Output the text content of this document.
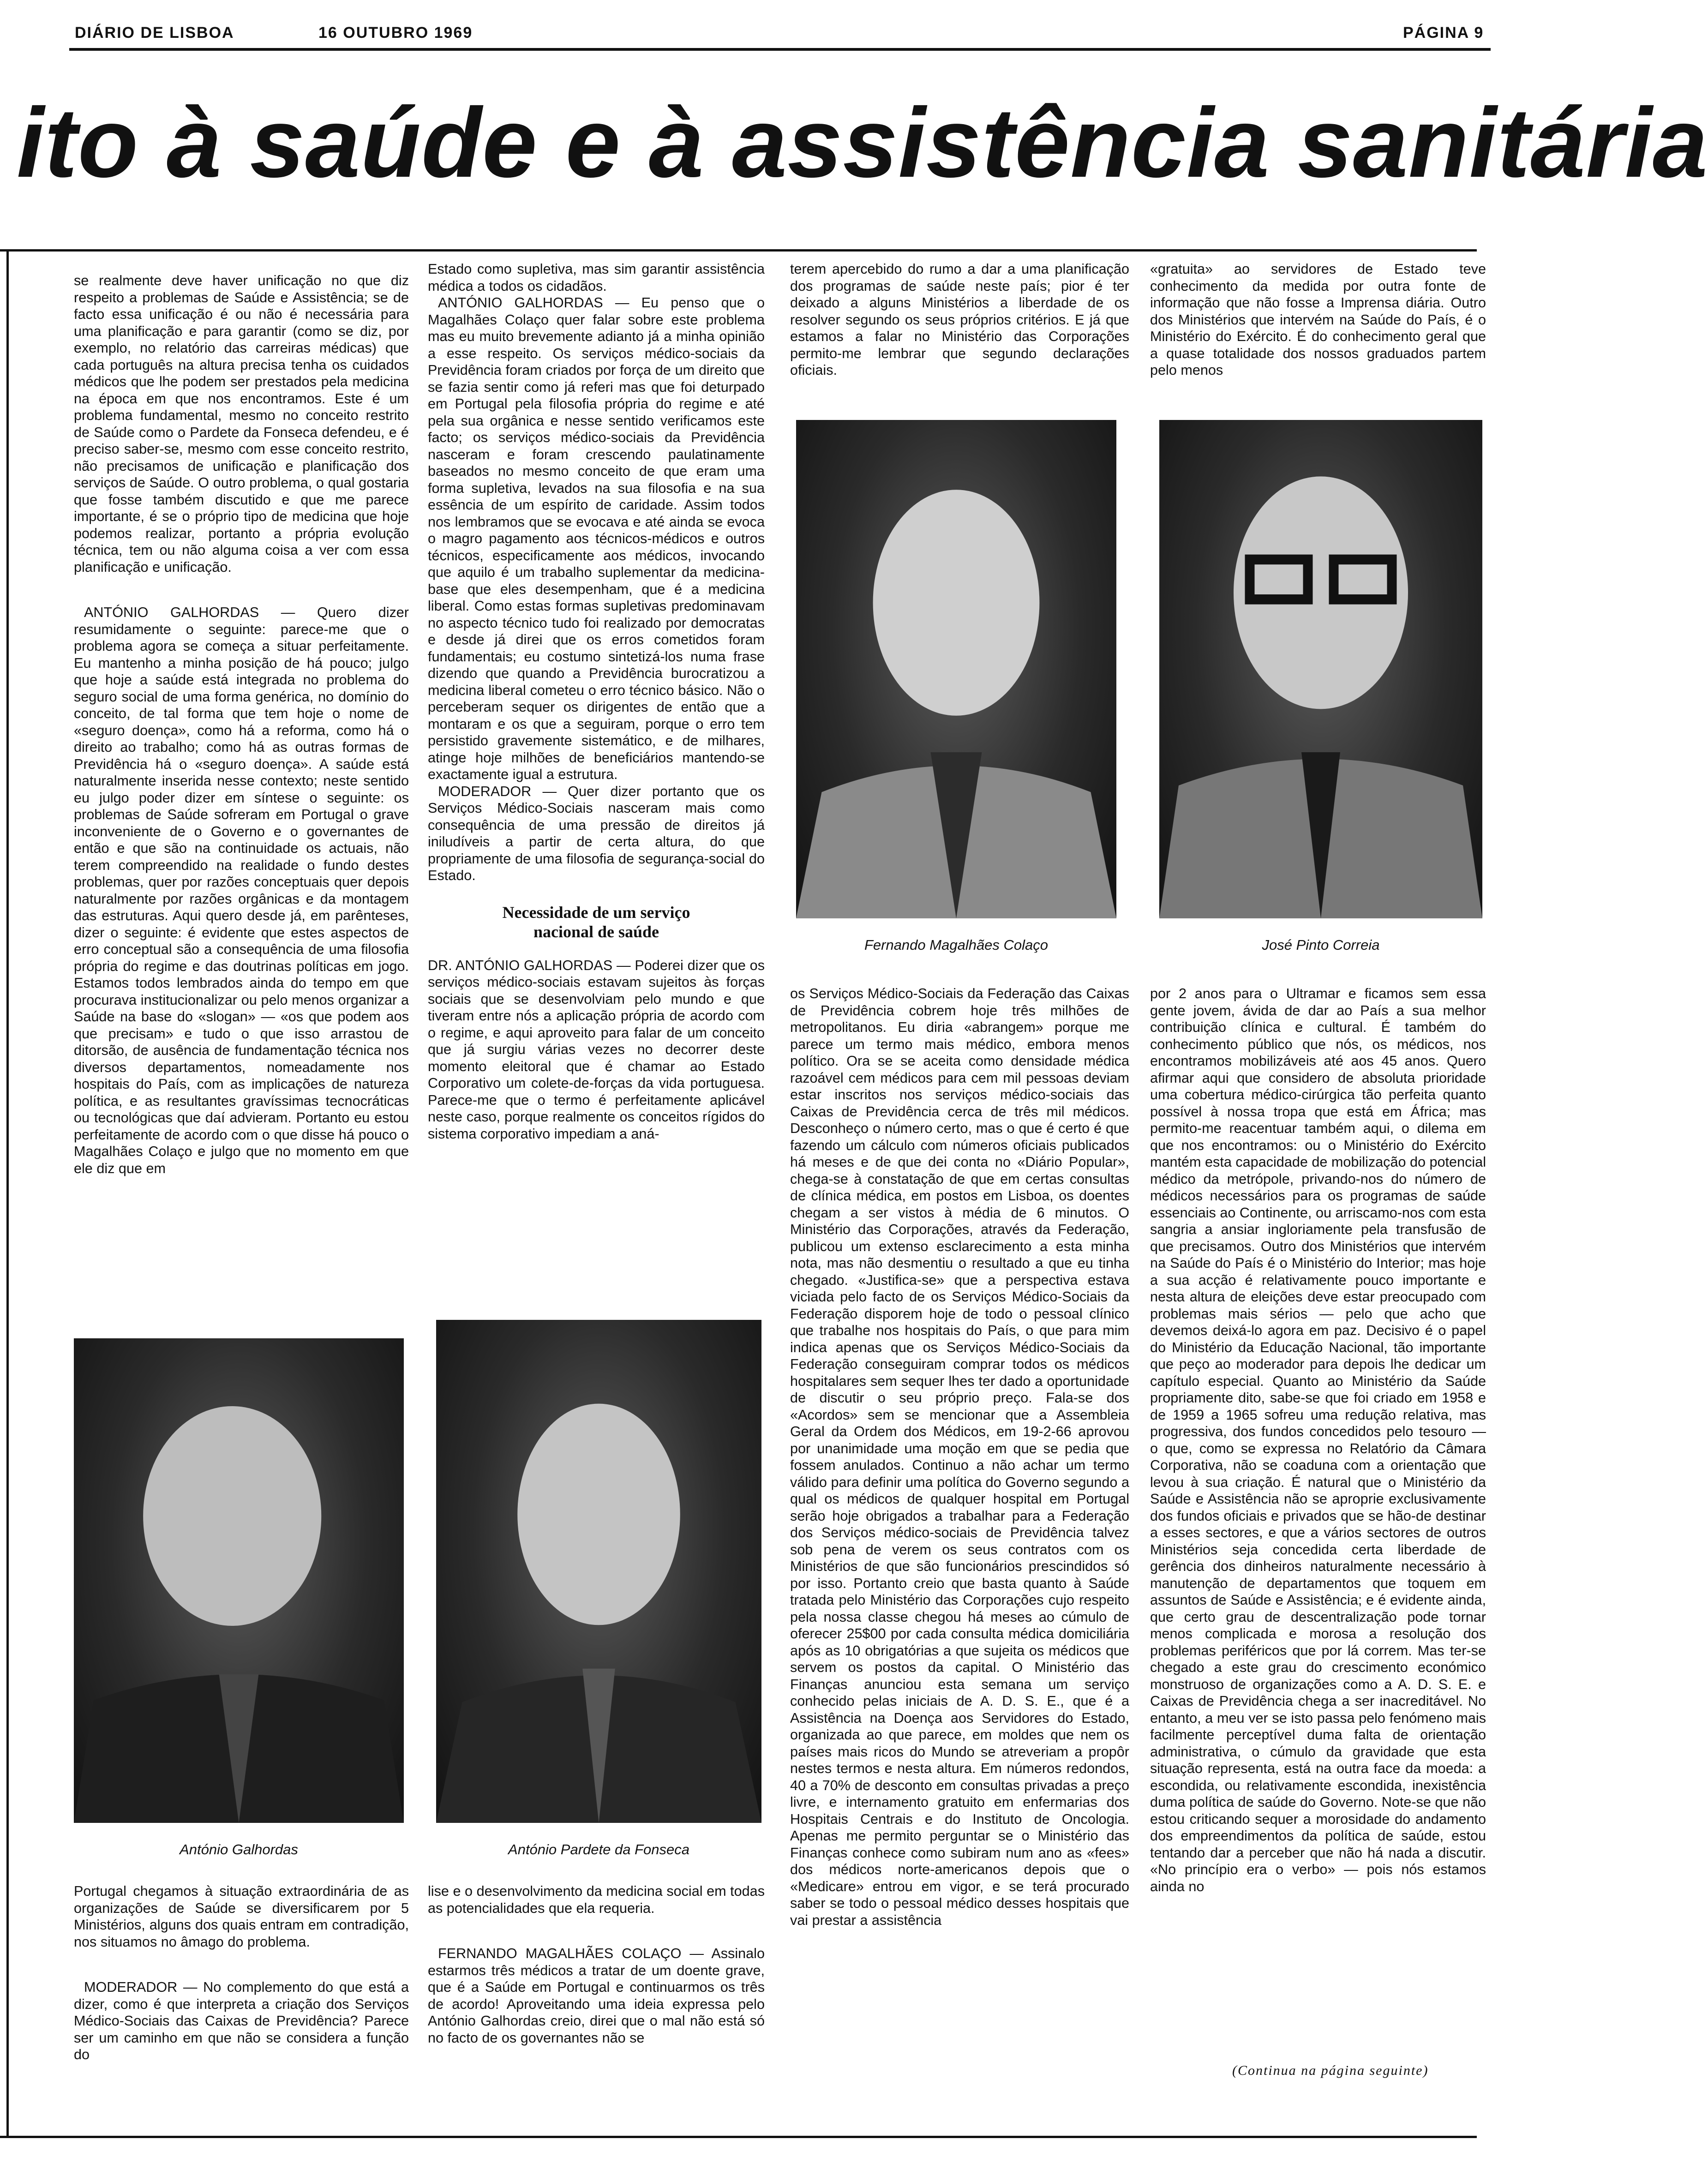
DIÁRIO DE LISBOA	16 OUTUBRO 1969	PÁGINA 9
ito à saúde e à assistência sanitária

se realmente deve haver unificação no que diz respeito a problemas de Saúde e Assistência; se de facto essa unificação é ou não é necessária para uma planificação e para garantir (como se diz, por exemplo, no relatório das carreiras médicas) que cada português na altura precisa tenha os cuidados médicos que lhe podem ser prestados pela medicina na época em que nos encontramos. Este é um problema fundamental, mesmo no conceito restrito de Saúde como o Pardete da Fonseca defendeu, e é preciso saber-se, mesmo com esse conceito restrito, não precisamos de unificação e planificação dos serviços de Saúde. O outro problema, o qual gostaria que fosse também discutido e que me parece importante, é se o próprio tipo de medicina que hoje podemos realizar, portanto a própria evolução técnica, tem ou não alguma coisa a ver com essa planificação e unificação.

ANTÓNIO GALHORDAS — Quero dizer resumidamente o seguinte: parece-me que o problema agora se começa a situar perfeitamente. Eu mantenho a minha posição de há pouco; julgo que hoje a saúde está integrada no problema do seguro social de uma forma genérica, no domínio do conceito, de tal forma que tem hoje o nome de «seguro doença», como há a reforma, como há o direito ao trabalho; como há as outras formas de Previdência há o «seguro doença». A saúde está naturalmente inserida nesse contexto; neste sentido eu julgo poder dizer em síntese o seguinte: os problemas de Saúde sofreram em Portugal o grave inconveniente de o Governo e o governantes de então e que são na continuidade os actuais, não terem compreendido na realidade o fundo destes problemas, quer por razões conceptuais quer depois naturalmente por razões orgânicas e da montagem das estruturas. Aqui quero desde já, em parênteses, dizer o seguinte: é evidente que estes aspectos de erro conceptual são a consequência de uma filosofia própria do regime e das doutrinas políticas em jogo. Estamos todos lembrados ainda do tempo em que procurava institucionalizar ou pelo menos organizar a Saúde na base do «slogan» — «os que podem aos que precisam» e tudo o que isso arrastou de ditorsão, de ausência de fundamentação técnica nos diversos departamentos, nomeadamente nos hospitais do País, com as implicações de natureza política, e as resultantes gravíssimas tecnocráticas ou tecnológicas que daí advieram. Portanto eu estou perfeitamente de acordo com o que disse há pouco o Magalhães Colaço e julgo que no momento em que ele diz que em

Estado como supletiva, mas sim garantir assistência médica a todos os cidadãos.

ANTÓNIO GALHORDAS — Eu penso que o Magalhães Colaço quer falar sobre este problema mas eu muito brevemente adianto já a minha opinião a esse respeito. Os serviços médico-sociais da Previdência foram criados por força de um direito que se fazia sentir como já referi mas que foi deturpado em Portugal pela filosofia própria do regime e até pela sua orgânica e nesse sentido verificamos este facto; os serviços médico-sociais da Previdência nasceram e foram crescendo paulatinamente baseados no mesmo conceito de que eram uma forma supletiva, levados na sua filosofia e na sua essência de um espírito de caridade. Assim todos nos lembramos que se evocava e até ainda se evoca o magro pagamento aos técnicos-médicos e outros técnicos, especificamente aos médicos, invocando que aquilo é um trabalho suplementar da medicina-base que eles desempenham, que é a medicina liberal. Como estas formas supletivas predominavam no aspecto técnico tudo foi realizado por democratas e desde já direi que os erros cometidos foram fundamentais; eu costumo sintetizá-los numa frase dizendo que quando a Previdência burocratizou a medicina liberal cometeu o erro técnico básico. Não o perceberam sequer os dirigentes de então que a montaram e os que a seguiram, porque o erro tem persistido gravemente sistemático, e de milhares, atinge hoje milhões de beneficiários mantendo-se exactamente igual a estrutura.

MODERADOR — Quer dizer portanto que os Serviços Médico-Sociais nasceram mais como consequência de uma pressão de direitos já iniludíveis a partir de certa altura, do que propriamente de uma filosofia de segurança-social do Estado.

Necessidade de um serviço nacional de saúde

DR. ANTÓNIO GALHORDAS — Poderei dizer que os serviços médico-sociais estavam sujeitos às forças sociais que se desenvolviam pelo mundo e que tiveram entre nós a aplicação própria de acordo com o regime, e aqui aproveito para falar de um conceito que já surgiu várias vezes no decorrer deste momento eleitoral que é chamar ao Estado Corporativo um colete-de-forças da vida portuguesa. Parece-me que o termo é perfeitamente aplicável neste caso, porque realmente os conceitos rígidos do sistema corporativo impediam a aná-

terem apercebido do rumo a dar a uma planificação dos programas de saúde neste país; pior é ter deixado a alguns Ministérios a liberdade de os resolver segundo os seus próprios critérios. E já que estamos a falar no Ministério das Corporações permito-me lembrar que segundo declarações oficiais.

«gratuita» ao servidores de Estado teve conhecimento da medida por outra fonte de informação que não fosse a Imprensa diária. Outro dos Ministérios que intervém na Saúde do País, é o Ministério do Exército. É do conhecimento geral que a quase totalidade dos nossos graduados partem pelo menos

Fernando Magalhães Colaço	José Pinto Correia

os Serviços Médico-Sociais da Federação das Caixas de Previdência cobrem hoje três milhões de metropolitanos. Eu diria «abrangem» porque me parece um termo mais médico, embora menos político. Ora se se aceita como densidade médica razoável cem médicos para cem mil pessoas deviam estar inscritos nos serviços médico-sociais das Caixas de Previdência cerca de três mil médicos. Desconheço o número certo, mas o que é certo é que fazendo um cálculo com números oficiais publicados há meses e de que dei conta no «Diário Popular», chega-se à constatação de que em certas consultas de clínica médica, em postos em Lisboa, os doentes chegam a ser vistos à média de 6 minutos. O Ministério das Corporações, através da Federação, publicou um extenso esclarecimento a esta minha nota, mas não desmentiu o resultado a que eu tinha chegado. «Justifica-se» que a perspectiva estava viciada pelo facto de os Serviços Médico-Sociais da Federação disporem hoje de todo o pessoal clínico que trabalhe nos hospitais do País, o que para mim indica apenas que os Serviços Médico-Sociais da Federação conseguiram comprar todos os médicos hospitalares sem sequer lhes ter dado a oportunidade de discutir o seu próprio preço. Fala-se dos «Acordos» sem se mencionar que a Assembleia Geral da Ordem dos Médicos, em 19-2-66 aprovou por unanimidade uma moção em que se pedia que fossem anulados. Continuo a não achar um termo válido para definir uma política do Governo segundo a qual os médicos de qualquer hospital em Portugal serão hoje obrigados a trabalhar para a Federação dos Serviços médico-sociais de Previdência talvez sob pena de verem os seus contratos com os Ministérios de que são funcionários prescindidos só por isso. Portanto creio que basta quanto à Saúde tratada pelo Ministério das Corporações cujo respeito pela nossa classe chegou há meses ao cúmulo de oferecer 25$00 por cada consulta médica domiciliária após as 10 obrigatórias a que sujeita os médicos que servem os postos da capital. O Ministério das Finanças anunciou esta semana um serviço conhecido pelas iniciais de A. D. S. E., que é a Assistência na Doença aos Servidores do Estado, organizada ao que parece, em moldes que nem os países mais ricos do Mundo se atreveriam a propôr nestes termos e nesta altura. Em números redondos, 40 a 70% de desconto em consultas privadas a preço livre, e internamento gratuito em enfermarias dos Hospitais Centrais e do Instituto de Oncologia. Apenas me permito perguntar se o Ministério das Finanças conhece como subiram num ano as «fees» dos médicos norte-americanos depois que o «Medicare» entrou em vigor, e se terá procurado saber se todo o pessoal médico desses hospitais que vai prestar a assistência

por 2 anos para o Ultramar e ficamos sem essa gente jovem, ávida de dar ao País a sua melhor contribuição clínica e cultural. É também do conhecimento público que nós, os médicos, nos encontramos mobilizáveis até aos 45 anos. Quero afirmar aqui que considero de absoluta prioridade uma cobertura médico-cirúrgica tão perfeita quanto possível à nossa tropa que está em África; mas permito-me reacentuar também aqui, o dilema em que nos encontramos: ou o Ministério do Exército mantém esta capacidade de mobilização do potencial médico da metrópole, privando-nos do número de médicos necessários para os programas de saúde essenciais ao Continente, ou arriscamo-nos com esta sangria a ansiar ingloriamente pela transfusão de que precisamos. Outro dos Ministérios que intervém na Saúde do País é o Ministério do Interior; mas hoje a sua acção é relativamente pouco importante e nesta altura de eleições deve estar preocupado com problemas mais sérios — pelo que acho que devemos deixá-lo agora em paz. Decisivo é o papel do Ministério da Educação Nacional, tão importante que peço ao moderador para depois lhe dedicar um capítulo especial. Quanto ao Ministério da Saúde propriamente dito, sabe-se que foi criado em 1958 e de 1959 a 1965 sofreu uma redução relativa, mas progressiva, dos fundos concedidos pelo tesouro — o que, como se expressa no Relatório da Câmara Corporativa, não se coaduna com a orientação que levou à sua criação. É natural que o Ministério da Saúde e Assistência não se aproprie exclusivamente dos fundos oficiais e privados que se hão-de destinar a esses sectores, e que a vários sectores de outros Ministérios seja concedida certa liberdade de gerência dos dinheiros naturalmente necessário à manutenção de departamentos que toquem em assuntos de Saúde e Assistência; e é evidente ainda, que certo grau de descentralização pode tornar menos complicada e morosa a resolução dos problemas periféricos que por lá correm. Mas ter-se chegado a este grau do crescimento económico monstruoso de organizações como a A. D. S. E. e Caixas de Previdência chega a ser inacreditável. No entanto, a meu ver se isto passa pelo fenómeno mais facilmente perceptível duma falta de orientação administrativa, o cúmulo da gravidade que esta situação representa, está na outra face da moeda: a escondida, ou relativamente escondida, inexistência duma política de saúde do Governo. Note-se que não estou criticando sequer a morosidade do andamento dos empreendimentos da política de saúde, estou tentando dar a perceber que não há nada a discutir. «No princípio era o verbo» — pois nós estamos ainda no

António Galhordas	António Pardete da Fonseca

Portugal chegamos à situação extraordinária de as organizações de Saúde se diversificarem por 5 Ministérios, alguns dos quais entram em contradição, nos situamos no âmago do problema.

MODERADOR — No complemento do que está a dizer, como é que interpreta a criação dos Serviços Médico-Sociais das Caixas de Previdência? Parece ser um caminho em que não se considera a função do

lise e o desenvolvimento da medicina social em todas as potencialidades que ela requeria.

FERNANDO MAGALHÃES COLAÇO — Assinalo estarmos três médicos a tratar de um doente grave, que é a Saúde em Portugal e continuarmos os três de acordo! Aproveitando uma ideia expressa pelo António Galhordas creio, direi que o mal não está só no facto de os governantes não se

(Continua na página seguinte)
